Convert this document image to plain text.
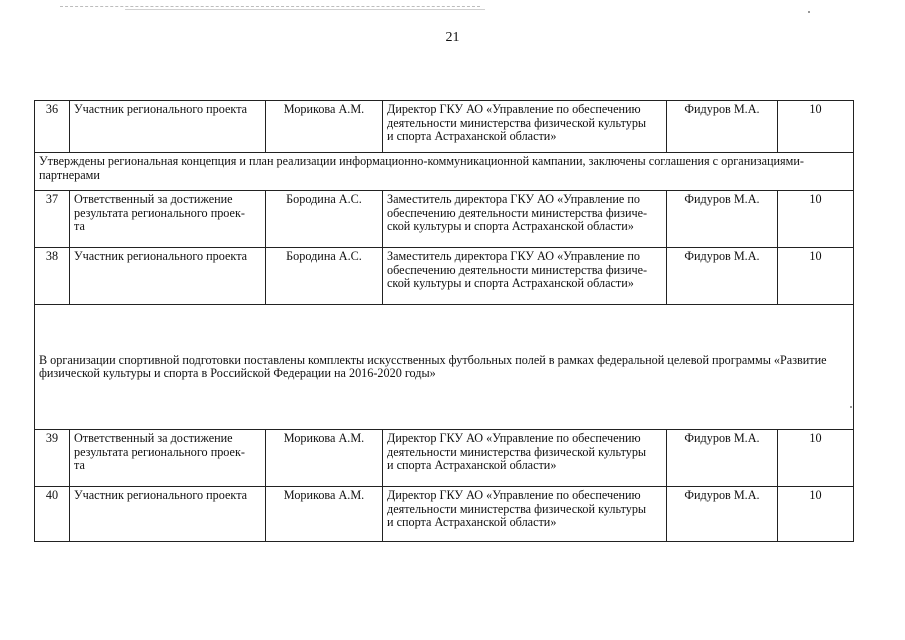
21
36	Участник регионального проекта	Морикова А.М.	Директор ГКУ АО «Управление по обеспечению
деятельности министерства физической культуры
и спорта Астраханской области»	Фидуров М.А.	10
Утверждены региональная концепция и план реализации информационно-коммуникационной кампании, заключены соглашения с организациями-партнерами					
37	Ответственный за достижение
результата регионального проек-
та	Бородина А.С.	Заместитель директора ГКУ АО «Управление по
обеспечению деятельности министерства физиче-
ской культуры и спорта Астраханской области»	Фидуров М.А.	10
38	Участник регионального проекта	Бородина А.С.	Заместитель директора ГКУ АО «Управление по
обеспечению деятельности министерства физиче-
ской культуры и спорта Астраханской области»	Фидуров М.А.	10
В организации спортивной подготовки поставлены комплекты искусственных футбольных полей в рамках федеральной целевой программы «Развитие физической культуры и спорта в Российской Федерации на 2016-2020 годы»					
39	Ответственный за достижение
результата регионального проек-
та	Морикова А.М.	Директор ГКУ АО «Управление по обеспечению
деятельности министерства физической культуры
и спорта Астраханской области»	Фидуров М.А.	10
40	Участник регионального проекта	Морикова А.М.	Директор ГКУ АО «Управление по обеспечению
деятельности министерства физической культуры
и спорта Астраханской области»	Фидуров М.А.	10
